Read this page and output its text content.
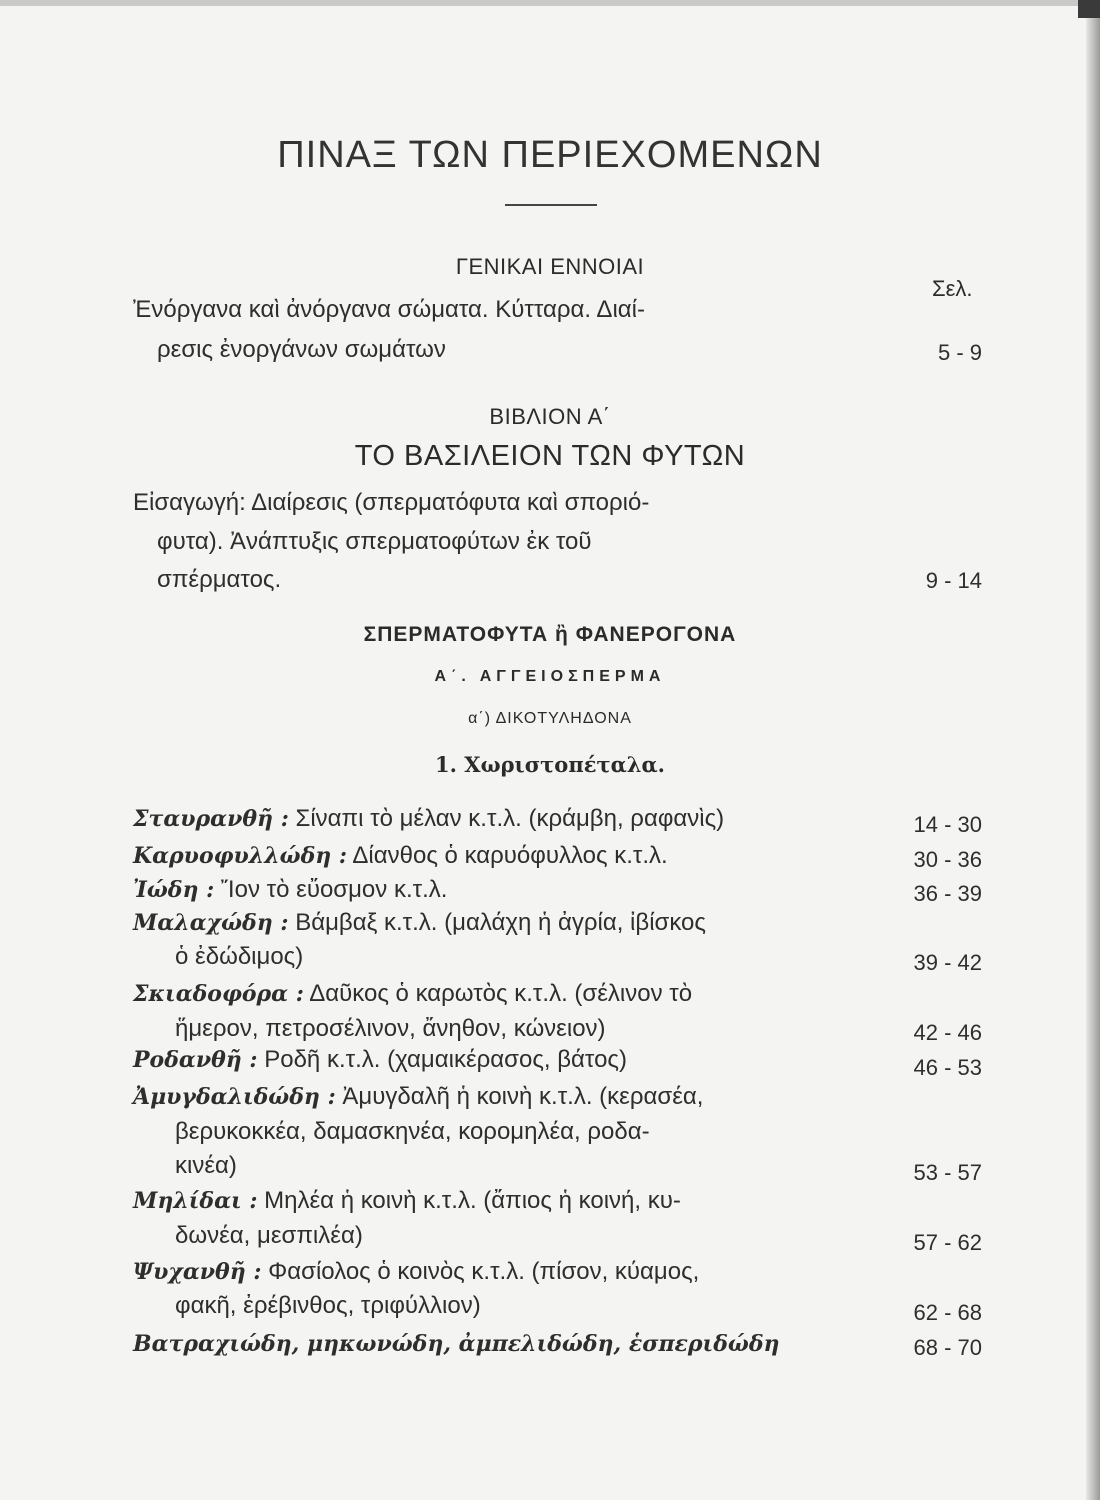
ΠΙΝΑΞ ΤΩΝ ΠΕΡΙΕΧΟΜΕΝΩΝ
ΓΕΝΙΚΑΙ ΕΝΝΟΙΑΙ
Σελ.
Ἐνόργανα καὶ ἀνόργανα σώματα. Κύτταρα. Διαί-
ρεσις ἐνοργάνων σωμάτων	5 - 9
ΒΙΒΛΙΟΝ Α΄
ΤΟ ΒΑΣΙΛΕΙΟΝ ΤΩΝ ΦΥΤΩΝ
Εἰσαγωγή: Διαίρεσις (σπερματόφυτα καὶ σποριό-
φυτα). Ἀνάπτυξις σπερματοφύτων ἐκ τοῦ
σπέρματος.	9 - 14
ΣΠΕΡΜΑΤΟΦΥΤΑ ἢ ΦΑΝΕΡΟΓΟΝΑ
Α΄. ΑΓΓΕΙΟΣΠΕΡΜΑ
α΄) ΔΙΚΟΤΥΛΗΔΟΝΑ
1. Χωριστοπέταλα.
Σταυρανθῆ : Σίναπι τὸ μέλαν κ.τ.λ. (κράμβη, ραφανὶς)	14 - 30
Καρυοφυλλώδη : Δίανθος ὁ καρυόφυλλος κ.τ.λ.	30 - 36
Ἰώδη : Ἴον τὸ εὔοσμον κ.τ.λ.	36 - 39
Μαλαχώδη : Βάμβαξ κ.τ.λ. (μαλάχη ἡ ἀγρία, ἰβίσκος
ὁ ἐδώδιμος)	39 - 42
Σκιαδοφόρα : Δαῦκος ὁ καρωτὸς κ.τ.λ. (σέλινον τὸ
ἥμερον, πετροσέλινον, ἄνηθον, κώνειον)	42 - 46
Ροδανθῆ : Ροδῆ κ.τ.λ. (χαμαικέρασος, βάτος)	46 - 53
Ἀμυγδαλιδώδη : Ἀμυγδαλῆ ἡ κοινὴ κ.τ.λ. (κερασέα,
βερυκοκκέα, δαμασκηνέα, κορομηλέα, ροδα-
κινέα)	53 - 57
Μηλίδαι : Μηλέα ἡ κοινὴ κ.τ.λ. (ἄπιος ἡ κοινή, κυ-
δωνέα, μεσπιλέα)	57 - 62
Ψυχανθῆ : Φασίολος ὁ κοινὸς κ.τ.λ. (πίσον, κύαμος,
φακῆ, ἐρέβινθος, τριφύλλιον)	62 - 68
Βατραχιώδη, μηκωνώδη, ἀμπελιδώδη, ἑσπεριδώδη	68 - 70
